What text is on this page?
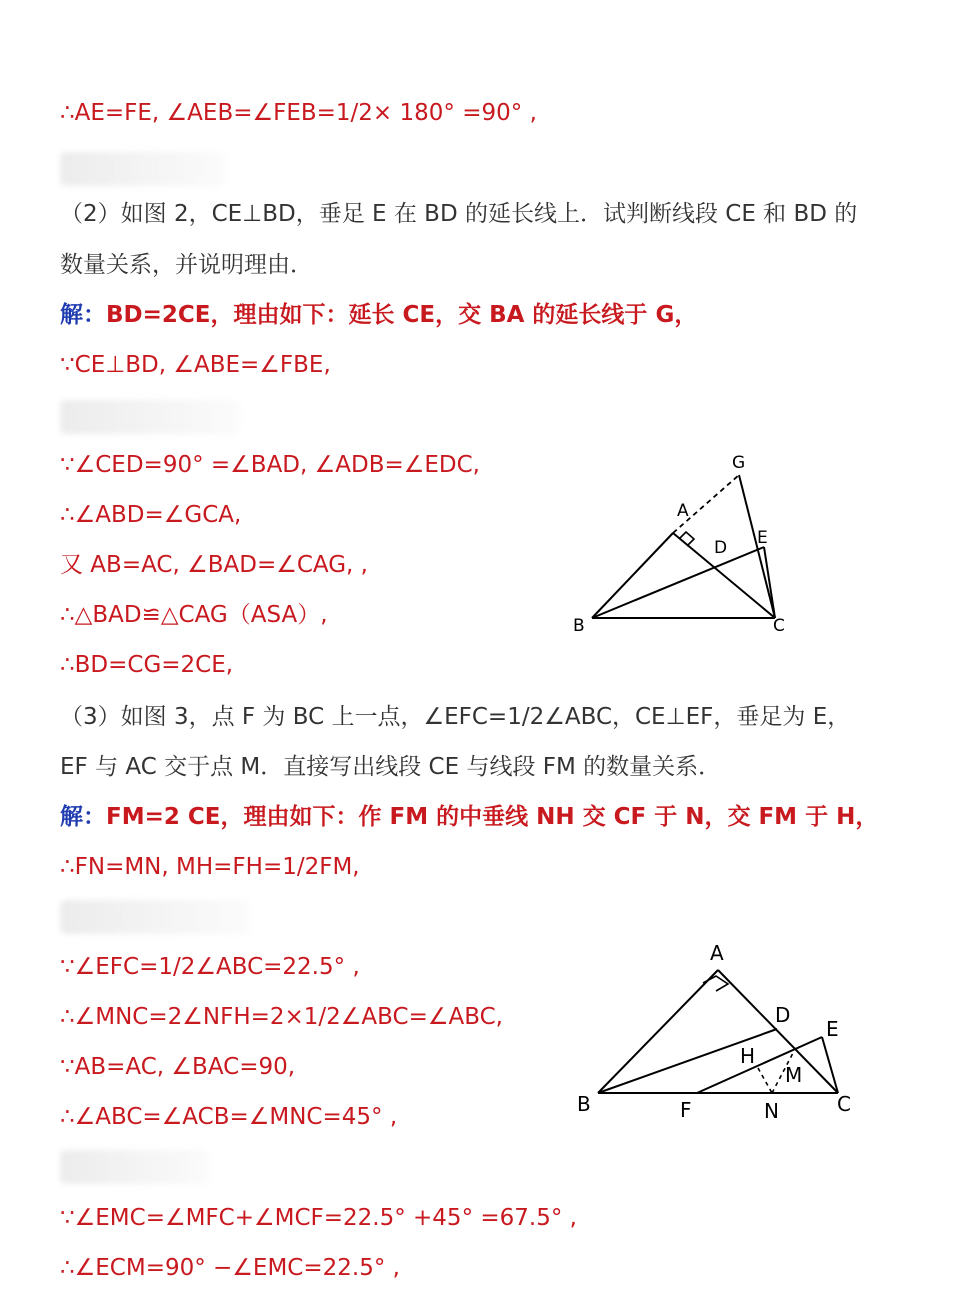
∴AE=FE, ∠AEB=∠FEB=1/2× 180° =90° ,
（2）如图 2，CE⊥BD，垂足 E 在 BD 的延长线上．试判断线段 CE 和 BD 的
数量关系，并说明理由．
解：BD=2CE，理由如下：延长 CE，交 BA 的延长线于 G，
∵CE⊥BD, ∠ABE=∠FBE,
∵∠CED=90° =∠BAD, ∠ADB=∠EDC,
∴∠ABD=∠GCA,
又 AB=AC, ∠BAD=∠CAG, ,
∴△BAD≌△CAG（ASA）,
∴BD=CG=2CE,
（3）如图 3，点 F 为 BC 上一点，∠EFC=1/2∠ABC，CE⊥EF，垂足为 E，
EF 与 AC 交于点 M．直接写出线段 CE 与线段 FM 的数量关系．
解：FM=2 CE，理由如下：作 FM 的中垂线 NH 交 CF 于 N，交 FM 于 H，
∴FN=MN, MH=FH=1/2FM,
∵∠EFC=1/2∠ABC=22.5° ,
∴∠MNC=2∠NFH=2×1/2∠ABC=∠ABC,
∵AB=AC, ∠BAC=90,
∴∠ABC=∠ACB=∠MNC=45° ,
∵∠EMC=∠MFC+∠MCF=22.5° +45° =67.5° ,
∴∠ECM=90° −∠EMC=22.5° ,
G
A
D E
B	C
A
D
E
H
M
B	F	N	C
